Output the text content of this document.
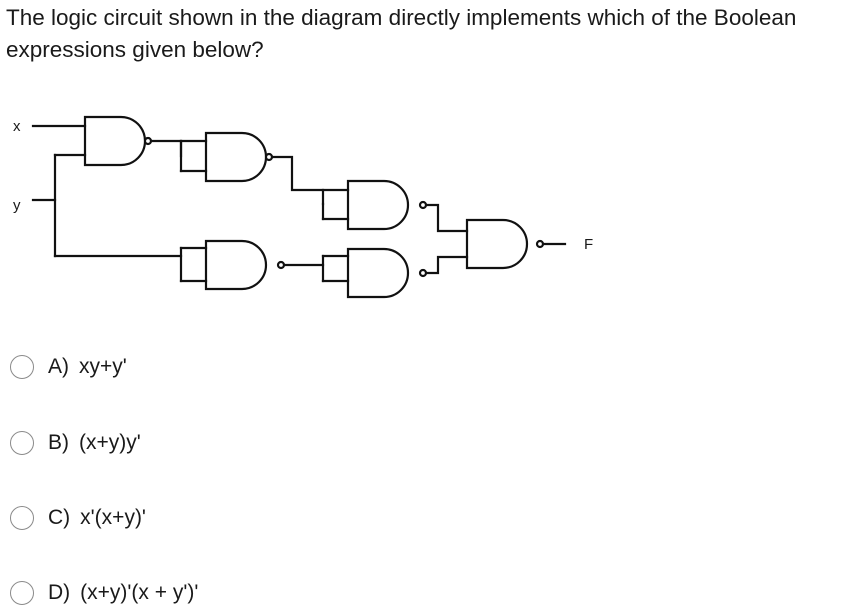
The logic circuit shown in the diagram directly implements which of the Boolean expressions given below?

x
y
F
A) xy+y'
B) (x+y)y'
C) x'(x+y)'
D) (x+y)'(x + y')'
